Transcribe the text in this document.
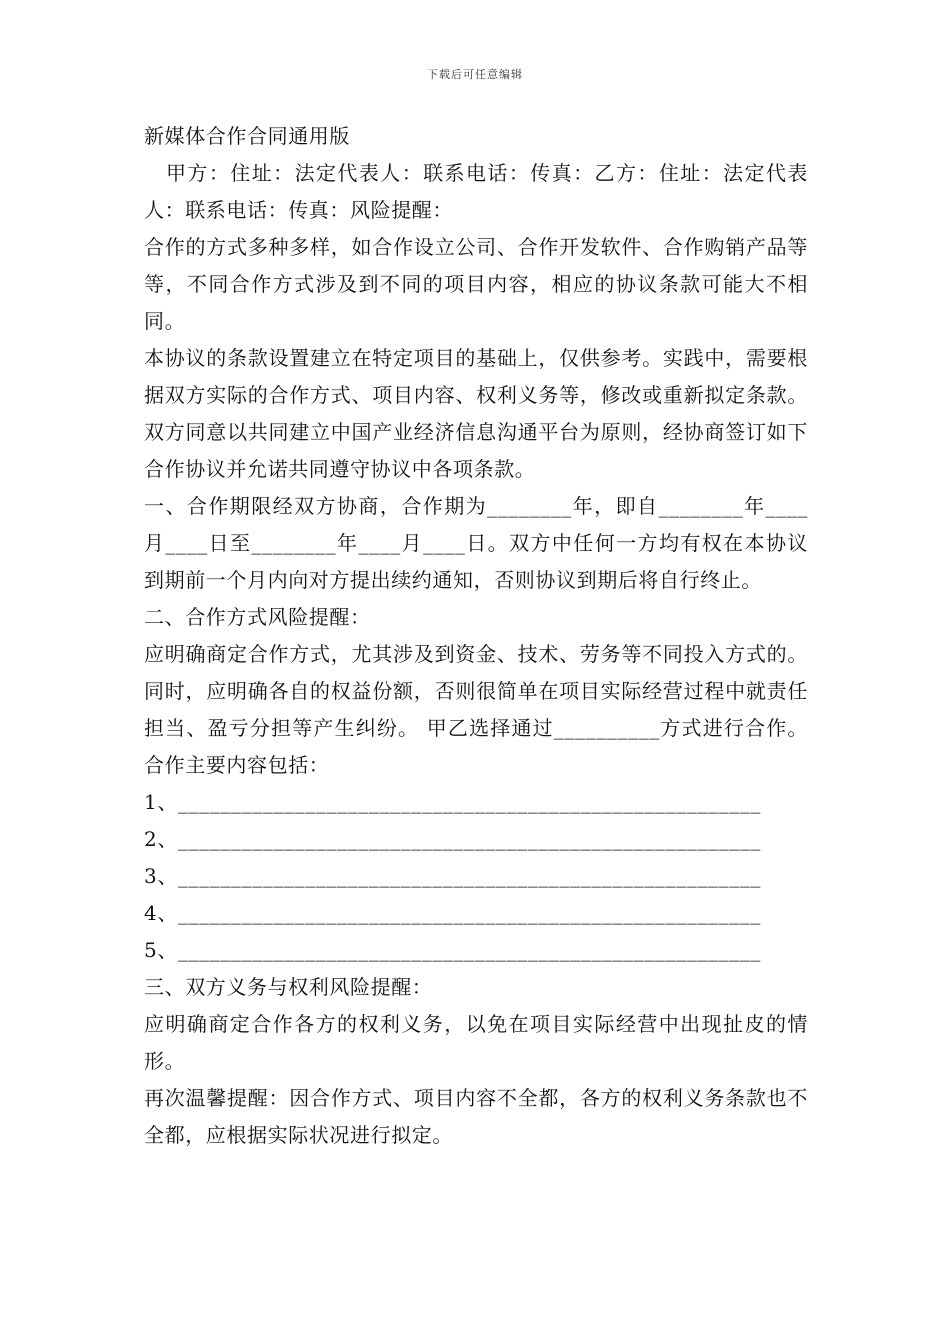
下载后可任意编辑

新媒体合作合同通用版

甲方：住址：法定代表人：联系电话：传真：乙方：住址：法定代表人：联系电话：传真：风险提醒：

合作的方式多种多样，如合作设立公司、合作开发软件、合作购销产品等等，不同合作方式涉及到不同的项目内容，相应的协议条款可能大不相同。

本协议的条款设置建立在特定项目的基础上，仅供参考。实践中，需要根据双方实际的合作方式、项目内容、权利义务等，修改或重新拟定条款。 双方同意以共同建立中国产业经济信息沟通平台为原则，经协商签订如下合作协议并允诺共同遵守协议中各项条款。

一、合作期限经双方协商，合作期为________年，即自________年____月____日至________年____月____日。双方中任何一方均有权在本协议到期前一个月内向对方提出续约通知，否则协议到期后将自行终止。

二、合作方式风险提醒：

应明确商定合作方式，尤其涉及到资金、技术、劳务等不同投入方式的。同时，应明确各自的权益份额，否则很简单在项目实际经营过程中就责任担当、盈亏分担等产生纠纷。 甲乙选择通过__________方式进行合作。合作主要内容包括：

1、_______________________________________________________

2、_______________________________________________________

3、_______________________________________________________

4、_______________________________________________________

5、_______________________________________________________

三、双方义务与权利风险提醒：

应明确商定合作各方的权利义务，以免在项目实际经营中出现扯皮的情形。

再次温馨提醒：因合作方式、项目内容不全都，各方的权利义务条款也不全都，应根据实际状况进行拟定。
